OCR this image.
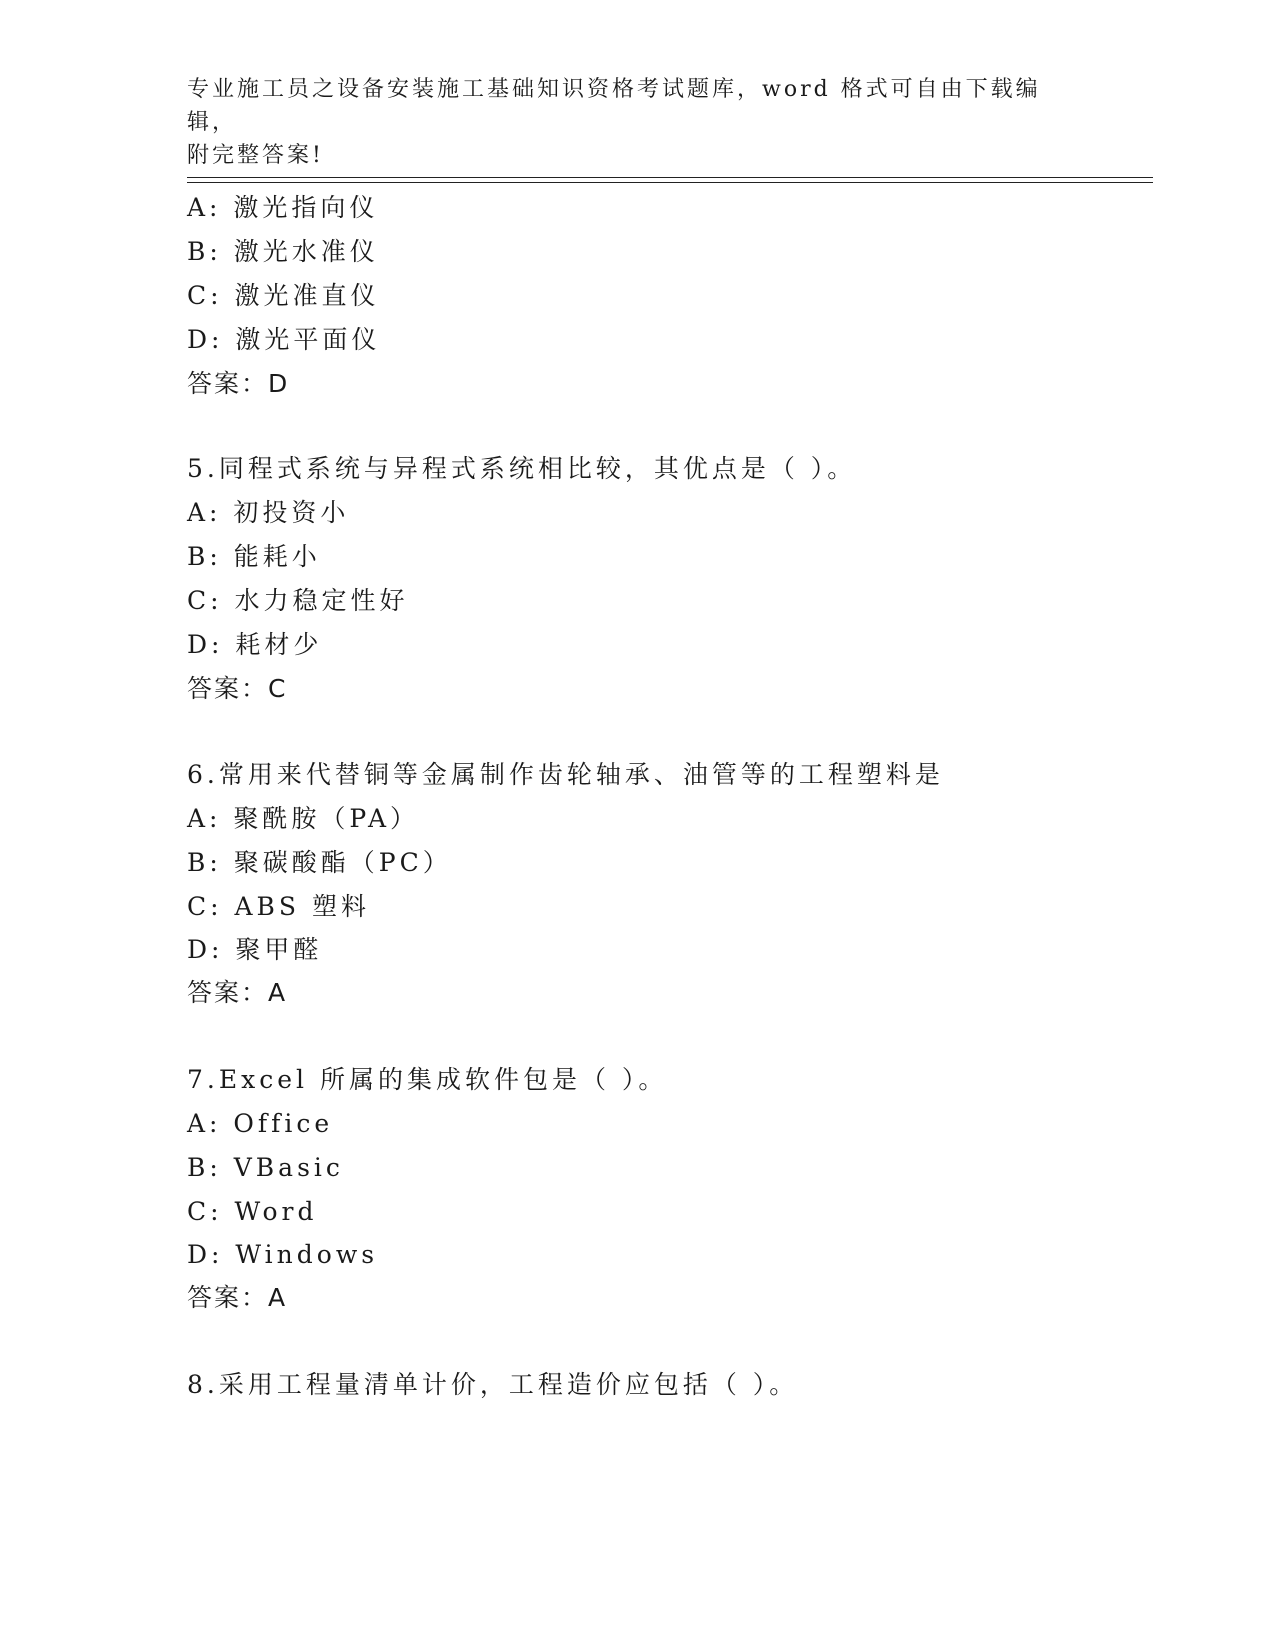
专业施工员之设备安装施工基础知识资格考试题库，word 格式可自由下载编辑，
附完整答案!
A: 激光指向仪
B: 激光水准仪
C: 激光准直仪
D: 激光平面仪
答案：D
5.同程式系统与异程式系统相比较，其优点是（ ）。
A: 初投资小
B: 能耗小
C: 水力稳定性好
D: 耗材少
答案：C
6.常用来代替铜等金属制作齿轮轴承、油管等的工程塑料是
A: 聚酰胺（PA）
B: 聚碳酸酯（PC）
C: ABS 塑料
D: 聚甲醛
答案：A
7.Excel 所属的集成软件包是（ ）。
A: Office
B: VBasic
C: Word
D: Windows
答案：A
8.采用工程量清单计价，工程造价应包括（ ）。
